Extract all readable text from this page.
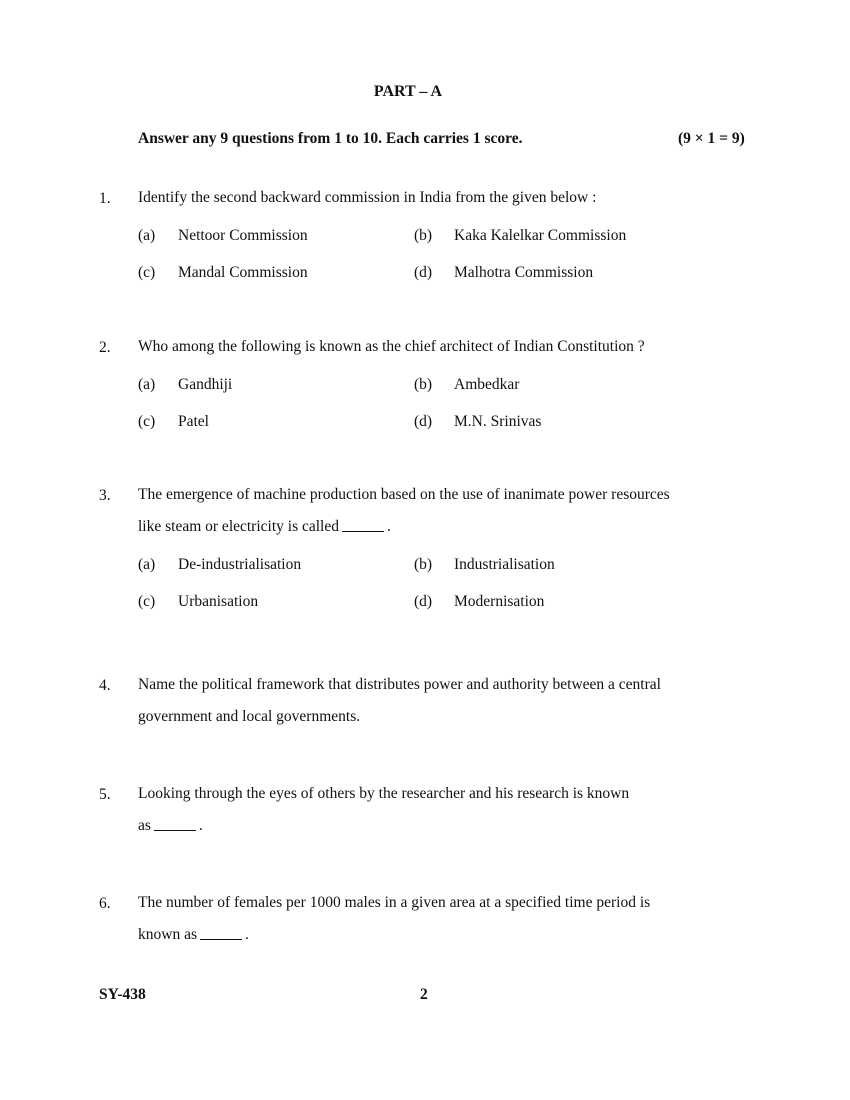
PART – A
Answer any 9 questions from 1 to 10. Each carries 1 score.	(9 × 1 = 9)
1. Identify the second backward commission in India from the given below :
(a) Nettoor Commission	(b) Kaka Kalelkar Commission
(c) Mandal Commission	(d) Malhotra Commission
2. Who among the following is known as the chief architect of Indian Constitution ?
(a) Gandhiji	(b) Ambedkar
(c) Patel	(d) M.N. Srinivas
3. The emergence of machine production based on the use of inanimate power resources
like steam or electricity is called	.
(a) De-industrialisation	(b) Industrialisation
(c) Urbanisation	(d) Modernisation
4. Name the political framework that distributes power and authority between a central
government and local governments.
5. Looking through the eyes of others by the researcher and his research is known
as	.
6. The number of females per 1000 males in a given area at a specified time period is
known as	.
SY-438	2
